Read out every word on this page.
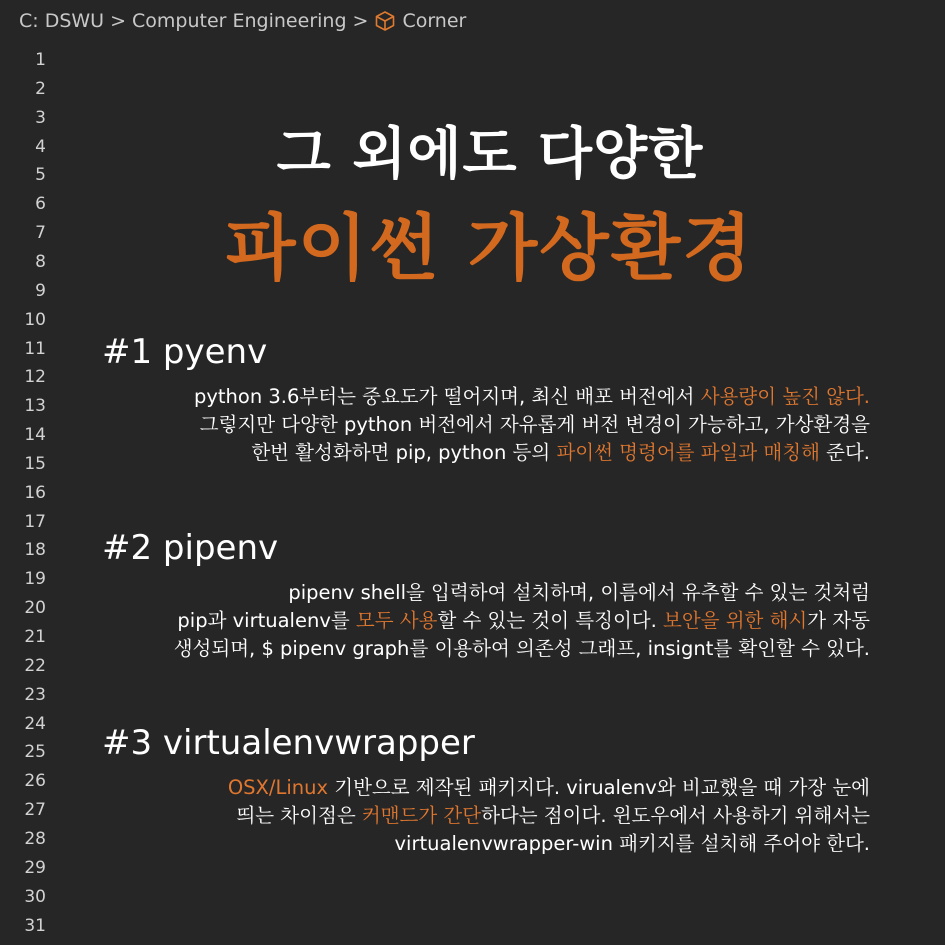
C: DSWU > Computer Engineering > Corner
1
2
3
4
5
6
7
8
9
10
11
12
13
14
15
16
17
18
19
20
21
22
23
24
25
26
27
28
29
30
31
그 외에도 다양한
파이썬 가상환경
#1 pyenv
python 3.6부터는 중요도가 떨어지며, 최신 배포 버전에서 사용량이 높진 않다.
그렇지만 다양한 python 버전에서 자유롭게 버전 변경이 가능하고, 가상환경을
한번 활성화하면 pip, python 등의 파이썬 명령어를 파일과 매칭해 준다.
#2 pipenv
pipenv shell을 입력하여 설치하며, 이름에서 유추할 수 있는 것처럼
pip과 virtualenv를 모두 사용할 수 있는 것이 특징이다. 보안을 위한 해시가 자동
생성되며, $ pipenv graph를 이용하여 의존성 그래프, insignt를 확인할 수 있다.
#3 virtualenvwrapper
OSX/Linux 기반으로 제작된 패키지다. virualenv와 비교했을 때 가장 눈에
띄는 차이점은 커맨드가 간단하다는 점이다. 윈도우에서 사용하기 위해서는
virtualenvwrapper-win 패키지를 설치해 주어야 한다.
